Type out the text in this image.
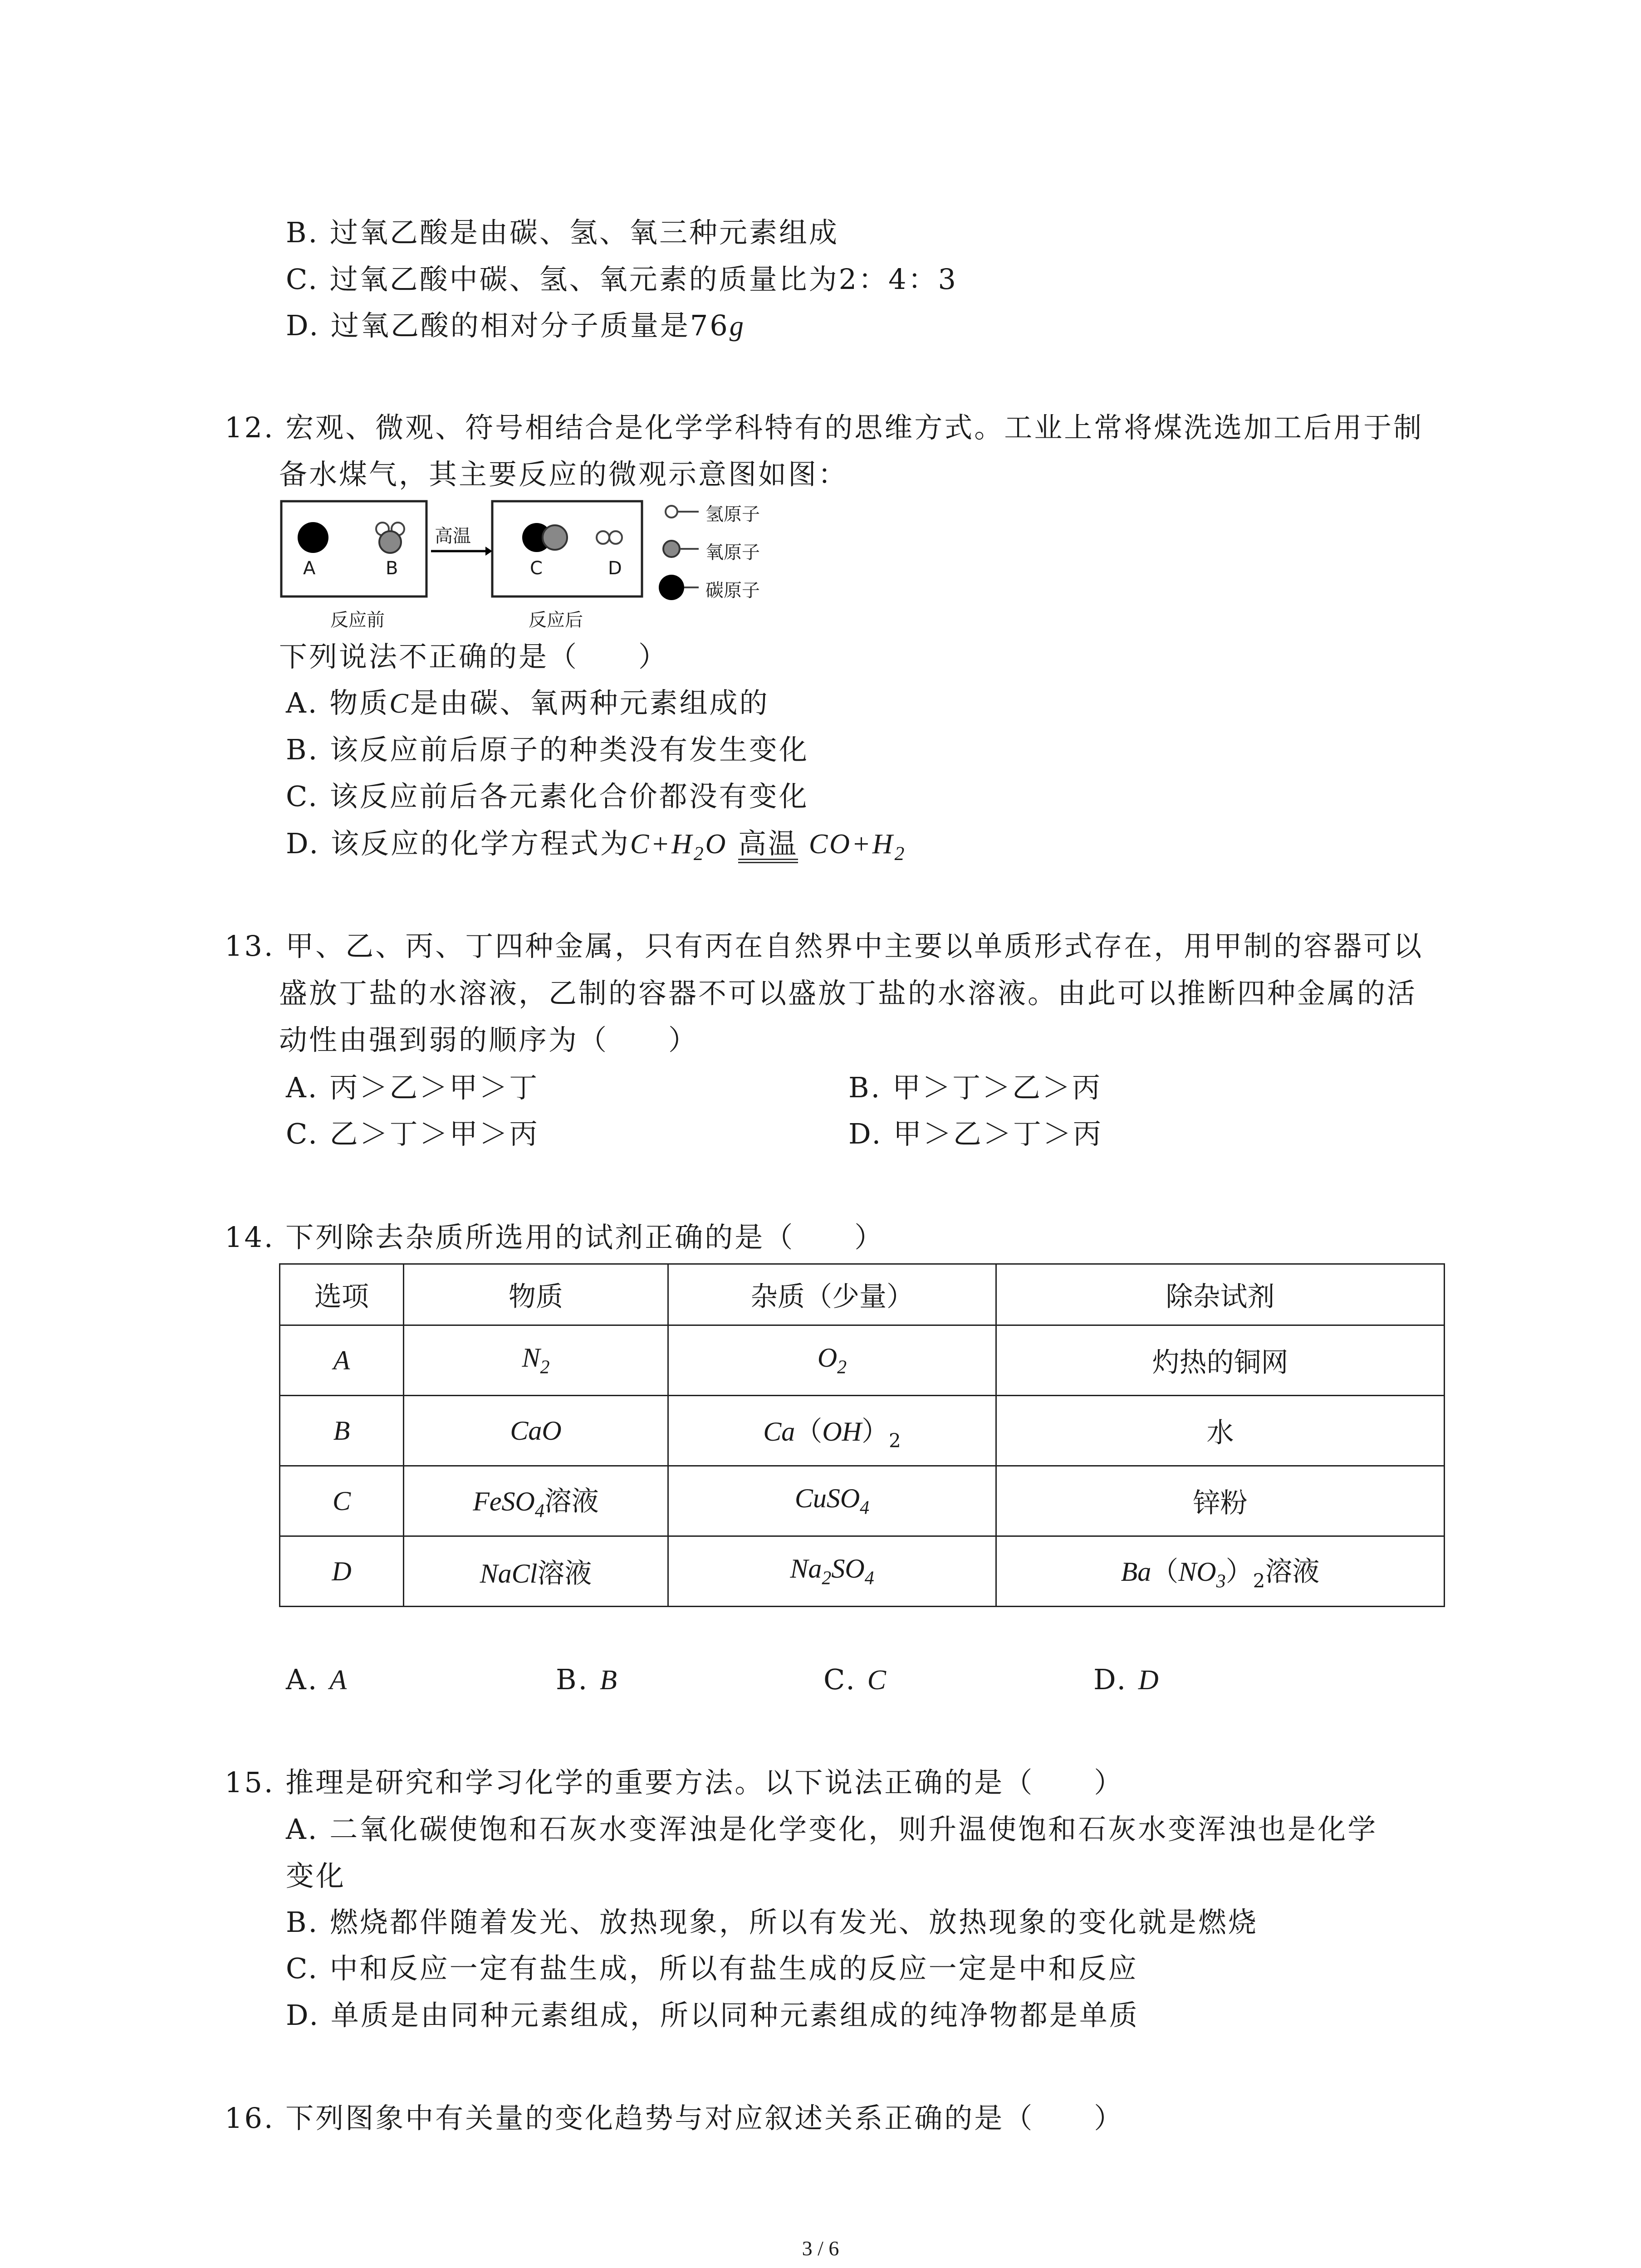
B. 过氧乙酸是由碳、氢、氧三种元素组成
C. 过氧乙酸中碳、氢、氧元素的质量比为2：4：3
D. 过氧乙酸的相对分子质量是76g
12. 宏观、微观、符号相结合是化学学科特有的思维方式。工业上常将煤洗选加工后用于制
备水煤气，其主要反应的微观示意图如图：
A	B	C	D
高温
反应前	反应后
氢原子
氧原子
碳原子
下列说法不正确的是（　　）
A. 物质C是由碳、氧两种元素组成的
B. 该反应前后原子的种类没有发生变化
C. 该反应前后各元素化合价都没有变化
D. 该反应的化学方程式为$C+H_2O$ 高温 $CO+H_2$
13. 甲、乙、丙、丁四种金属，只有丙在自然界中主要以单质形式存在，用甲制的容器可以
盛放丁盐的水溶液，乙制的容器不可以盛放丁盐的水溶液。由此可以推断四种金属的活
动性由强到弱的顺序为（　　）
A. 丙＞乙＞甲＞丁	B. 甲＞丁＞乙＞丙
C. 乙＞丁＞甲＞丙	D. 甲＞乙＞丁＞丙
14. 下列除去杂质所选用的试剂正确的是（　　）
选项	物质	杂质（少量）	除杂试剂
A	$N_2$	$O_2$	灼热的铜网
B	CaO	$Ca(OH)_2$	水
C	FeSO$_4$溶液	CuSO$_4$	锌粉
D	NaCl溶液	$Na_2SO_4$	$Ba(NO_3)_2$溶液
A. A	B. B	C. C	D. D
15. 推理是研究和学习化学的重要方法。以下说法正确的是（　　）
A. 二氧化碳使饱和石灰水变浑浊是化学变化，则升温使饱和石灰水变浑浊也是化学
变化
B. 燃烧都伴随着发光、放热现象，所以有发光、放热现象的变化就是燃烧
C. 中和反应一定有盐生成，所以有盐生成的反应一定是中和反应
D. 单质是由同种元素组成，所以同种元素组成的纯净物都是单质
16. 下列图象中有关量的变化趋势与对应叙述关系正确的是（　　）
3 / 6
